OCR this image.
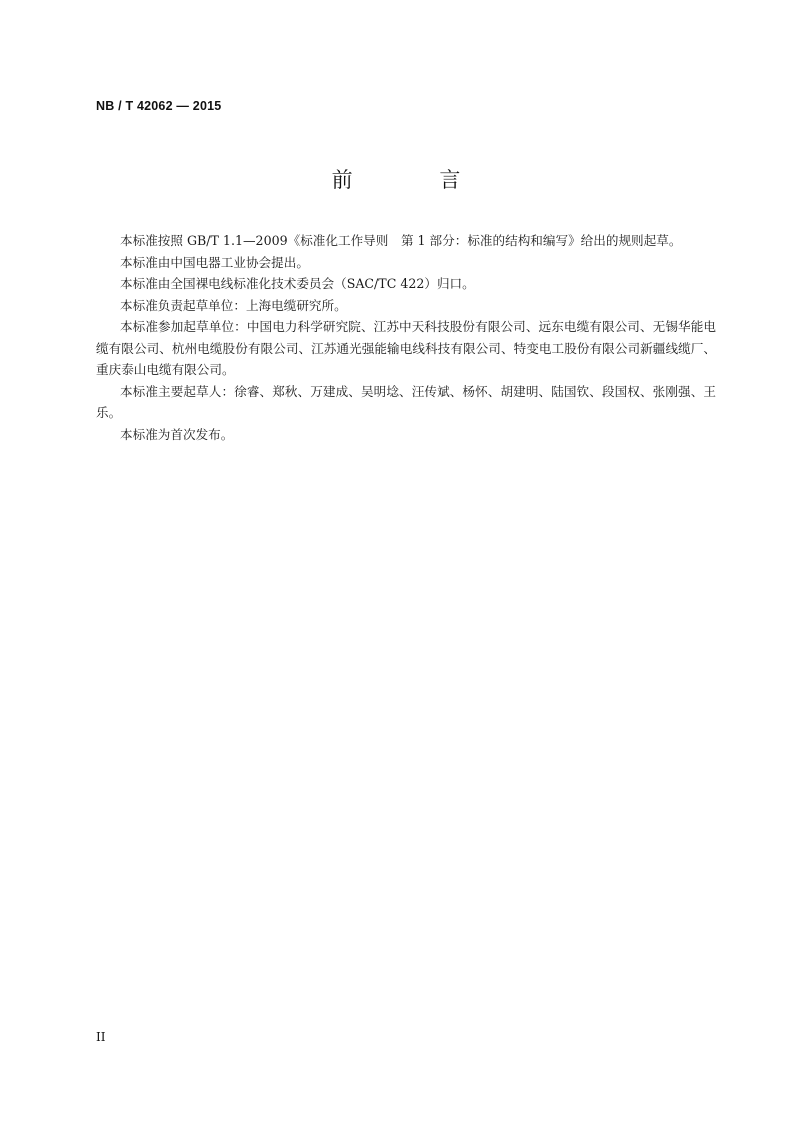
NB / T 42062 — 2015
前 言

本标准按照 GB/T 1.1—2009《标准化工作导则　第 1 部分：标准的结构和编写》给出的规则起草。

本标准由中国电器工业协会提出。

本标准由全国裸电线标准化技术委员会（SAC/TC 422）归口。

本标准负责起草单位：上海电缆研究所。

本标准参加起草单位：中国电力科学研究院、江苏中天科技股份有限公司、远东电缆有限公司、无锡华能电缆有限公司、杭州电缆股份有限公司、江苏通光强能输电线科技有限公司、特变电工股份有限公司新疆线缆厂、重庆泰山电缆有限公司。

本标准主要起草人：徐睿、郑秋、万建成、吴明埝、汪传斌、杨怀、胡建明、陆国钦、段国权、张刚强、王乐。

本标准为首次发布。

II
